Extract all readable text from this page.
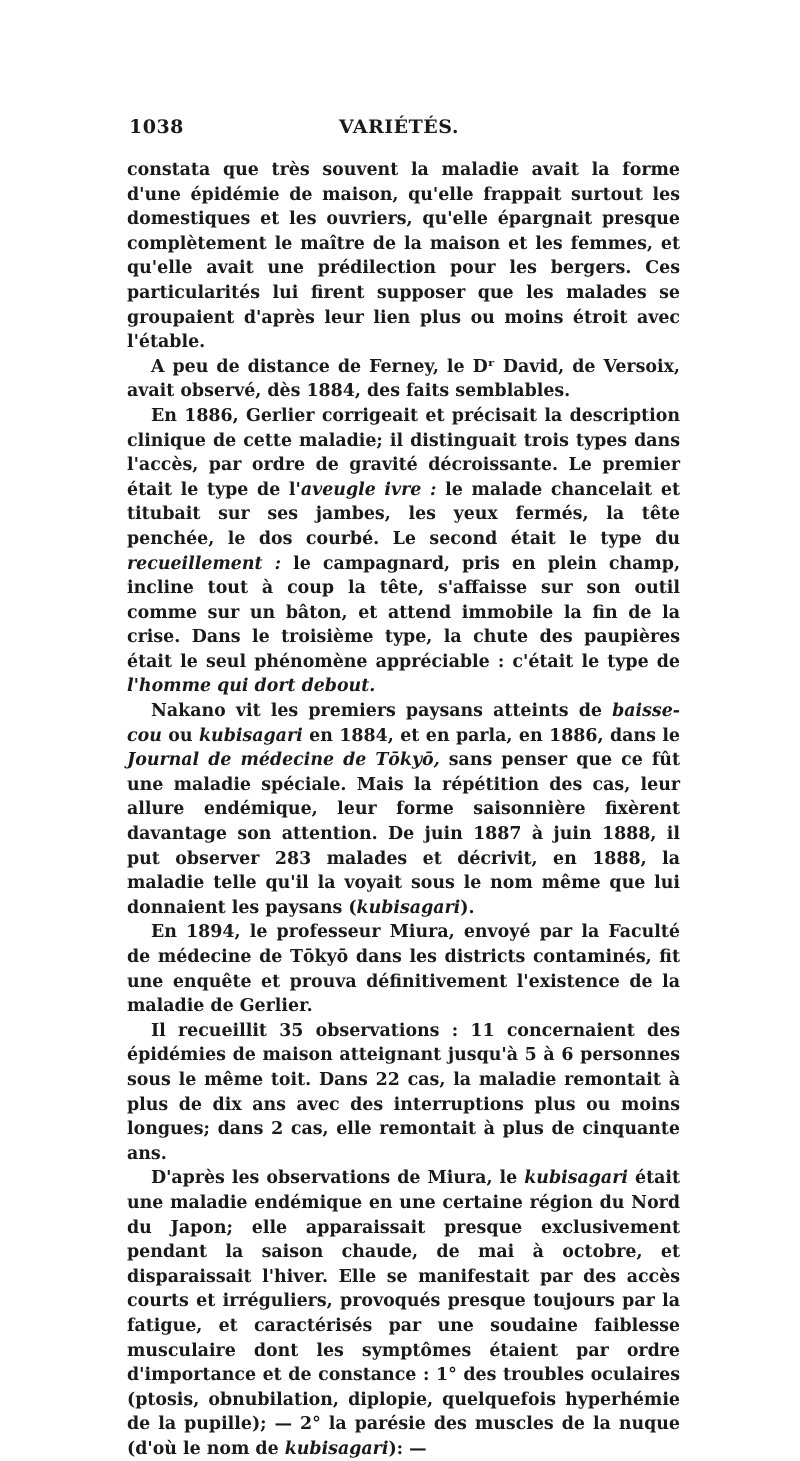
1038	VARIÉTÉS.

constata que très souvent la maladie avait la forme d'une épidémie de maison, qu'elle frappait surtout les domestiques et les ouvriers, qu'elle épargnait presque complètement le maître de la maison et les femmes, et qu'elle avait une prédilection pour les bergers. Ces particularités lui firent supposer que les malades se groupaient d'après leur lien plus ou moins étroit avec l'étable.

A peu de distance de Ferney, le Dʳ David, de Versoix, avait observé, dès 1884, des faits semblables.

En 1886, Gerlier corrigeait et précisait la description clinique de cette maladie; il distinguait trois types dans l'accès, par ordre de gravité décroissante. Le premier était le type de l'aveugle ivre : le malade chancelait et titubait sur ses jambes, les yeux fermés, la tête penchée, le dos courbé. Le second était le type du recueillement : le campagnard, pris en plein champ, incline tout à coup la tête, s'affaisse sur son outil comme sur un bâton, et attend immobile la fin de la crise. Dans le troisième type, la chute des paupières était le seul phénomène appréciable : c'était le type de l'homme qui dort debout.

Nakano vit les premiers paysans atteints de baisse-cou ou kubisagari en 1884, et en parla, en 1886, dans le Journal de médecine de Tōkyō, sans penser que ce fût une maladie spéciale. Mais la répétition des cas, leur allure endémique, leur forme saisonnière fixèrent davantage son attention. De juin 1887 à juin 1888, il put observer 283 malades et décrivit, en 1888, la maladie telle qu'il la voyait sous le nom même que lui donnaient les paysans (kubisagari).

En 1894, le professeur Miura, envoyé par la Faculté de médecine de Tōkyō dans les districts contaminés, fit une enquête et prouva définitivement l'existence de la maladie de Gerlier.

Il recueillit 35 observations : 11 concernaient des épidémies de maison atteignant jusqu'à 5 à 6 personnes sous le même toit. Dans 22 cas, la maladie remontait à plus de dix ans avec des interruptions plus ou moins longues; dans 2 cas, elle remontait à plus de cinquante ans.

D'après les observations de Miura, le kubisagari était une maladie endémique en une certaine région du Nord du Japon; elle apparaissait presque exclusivement pendant la saison chaude, de mai à octobre, et disparaissait l'hiver. Elle se manifestait par des accès courts et irréguliers, provoqués presque toujours par la fatigue, et caractérisés par une soudaine faiblesse musculaire dont les symptômes étaient par ordre d'importance et de constance : 1° des troubles oculaires (ptosis, obnubilation, diplopie, quelquefois hyperhémie de la pupille); — 2° la parésie des muscles de la nuque (d'où le nom de kubisagari): —
